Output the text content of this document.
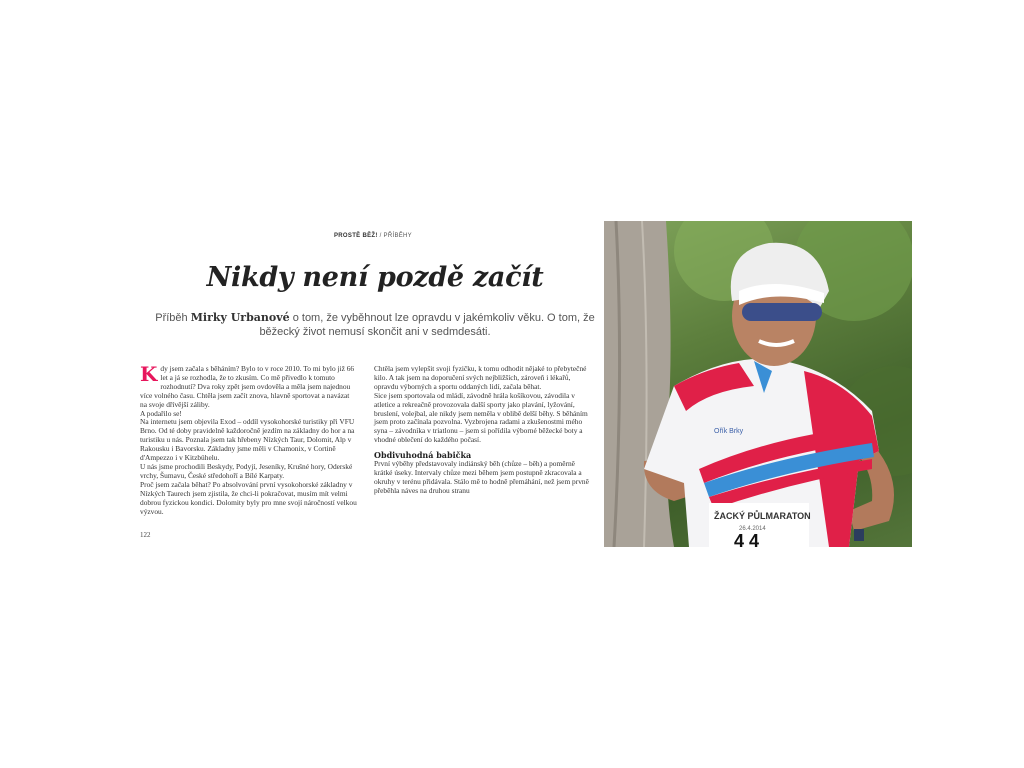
PROSTĚ BĚŽ! / PŘÍBĚHY
Nikdy není pozdě začít
Příběh Mirky Urbanové o tom, že vyběhnout lze opravdu v jakémkoliv věku. O tom, že běžecký život nemusí skončit ani v sedmdesáti.
K dy jsem začala s běháním? Bylo to v roce 2010. To mi bylo již 66 let a já se rozhodla, že to zkusím. Co mě přivedlo k tomuto rozhodnutí? Dva roky zpět jsem ovdověla a měla jsem najednou více volného času. Chtěla jsem začít znova, hlavně sportovat a navázat na svoje dřívější záliby.

A podařilo se!

Na internetu jsem objevila Exod – oddíl vysokohorské turistiky při VFU Brno. Od té doby pravidelně každoročně jezdím na základny do hor a na turistiku u nás. Poznala jsem tak hřebeny Nízkých Taur, Dolomit, Alp v Rakousku i Bavorsku. Základny jsme měli v Chamonix, v Cortině d'Ampezzo i v Kitzbühelu.

U nás jsme prochodili Beskydy, Podyjí, Jeseníky, Krušné hory, Oderské vrchy, Šumavu, České středohoří a Bílé Karpaty.

Proč jsem začala běhat? Po absolvování první vysokohorské základny v Nízkých Taurech jsem zjistila, že chci-li pokračovat, musím mít velmi dobrou fyzickou kondici. Dolomity byly pro mne svojí náročností velkou výzvou.

Chtěla jsem vylepšit svoji fyzičku, k tomu odhodit nějaké to přebytečné kilo. A tak jsem na doporučení svých nejbližších, zároveň i lékařů, opravdu výborných a sportu oddaných lidí, začala běhat.

Sice jsem sportovala od mládí, závodně hrála košíkovou, závodila v atletice a rekreačně provozovala další sporty jako plavání, lyžování, bruslení, volejbal, ale nikdy jsem neměla v oblibě delší běhy. S běháním jsem proto začínala pozvolna. Vyzbrojena radami a zkušenostmi mého syna – závodníka v triatlonu – jsem si pořídila výborné běžecké boty a vhodné oblečení do každého počasí.

Obdivuhodná babička

První výběhy představovaly indiánský běh (chůze – běh) a poměrně krátké úseky. Intervaly chůze mezi během jsem postupně zkracovala a okruhy v terénu přidávala. Stálo mě to hodně přemáhání, než jsem prvně přeběhla náves na druhou stranu

122
ŽACKÝ PŮLMARATON
26.4.2014
4 4
Ořík Brky
